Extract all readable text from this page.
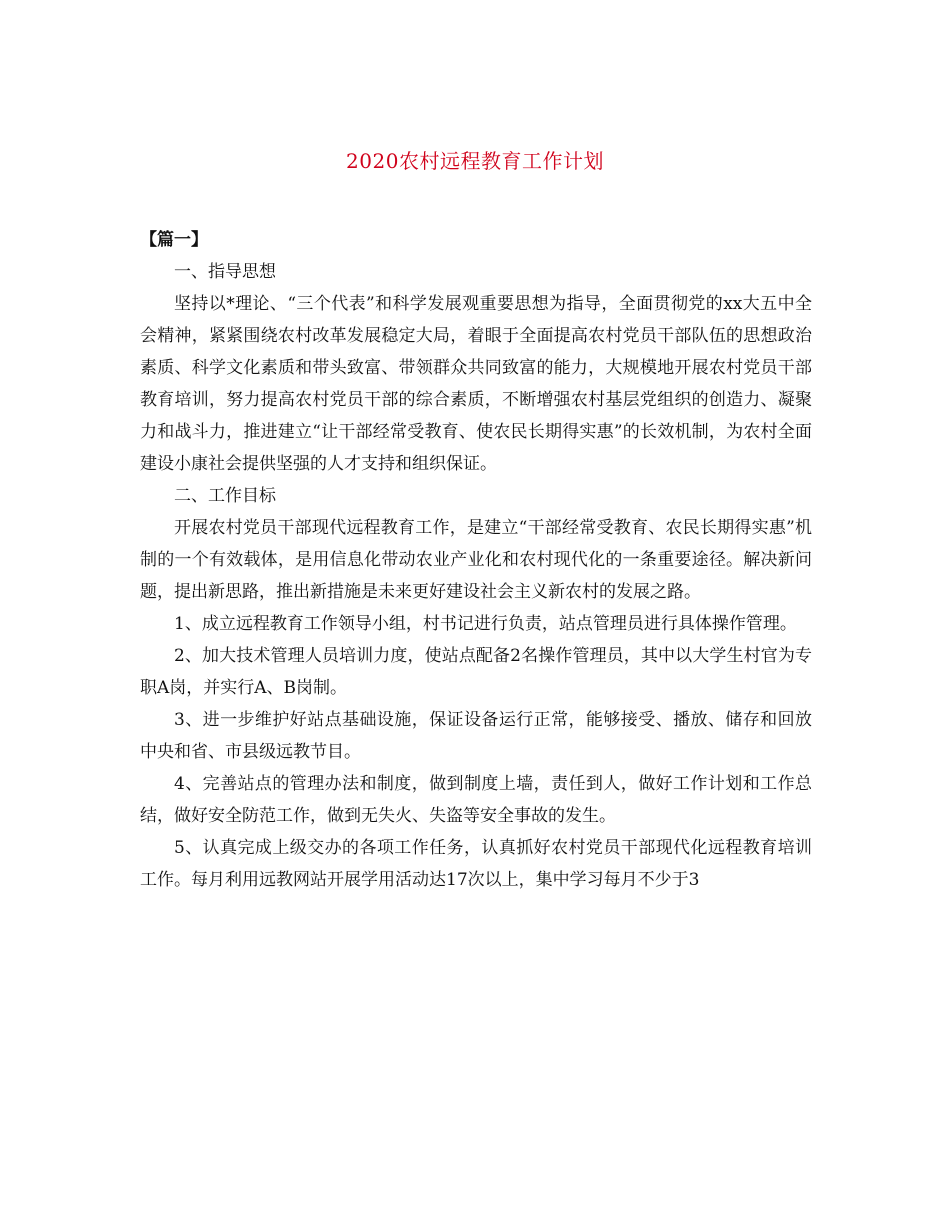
2020农村远程教育工作计划

【篇一】

一、指导思想

坚持以*理论、“三个代表”和科学发展观重要思想为指导，全面贯彻党的xx大五中全会精神，紧紧围绕农村改革发展稳定大局，着眼于全面提高农村党员干部队伍的思想政治素质、科学文化素质和带头致富、带领群众共同致富的能力，大规模地开展农村党员干部教育培训，努力提高农村党员干部的综合素质，不断增强农村基层党组织的创造力、凝聚力和战斗力，推进建立“让干部经常受教育、使农民长期得实惠”的长效机制，为农村全面建设小康社会提供坚强的人才支持和组织保证。

二、工作目标

开展农村党员干部现代远程教育工作，是建立“干部经常受教育、农民长期得实惠”机制的一个有效载体，是用信息化带动农业产业化和农村现代化的一条重要途径。解决新问题，提出新思路，推出新措施是未来更好建设社会主义新农村的发展之路。

1、成立远程教育工作领导小组，村书记进行负责，站点管理员进行具体操作管理。

2、加大技术管理人员培训力度，使站点配备2名操作管理员，其中以大学生村官为专职A岗，并实行A、B岗制。

3、进一步维护好站点基础设施，保证设备运行正常，能够接受、播放、储存和回放中央和省、市县级远教节目。

4、完善站点的管理办法和制度，做到制度上墙，责任到人，做好工作计划和工作总结，做好安全防范工作，做到无失火、失盗等安全事故的发生。

5、认真完成上级交办的各项工作任务，认真抓好农村党员干部现代化远程教育培训工作。每月利用远教网站开展学用活动达17次以上，集中学习每月不少于3
